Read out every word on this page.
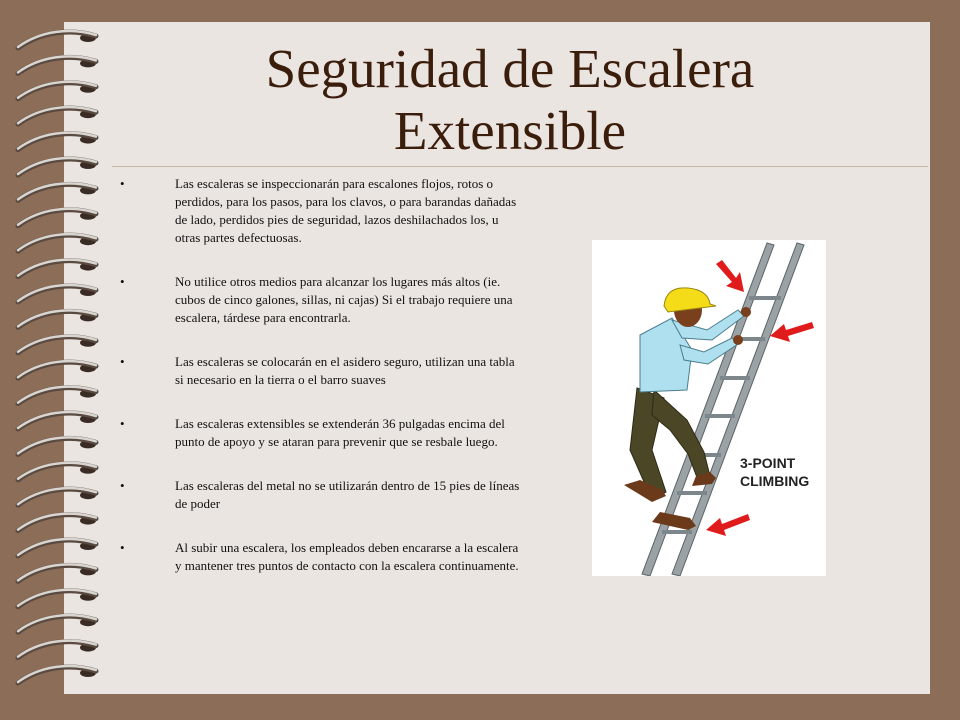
Seguridad de Escalera
Extensible
• Las escaleras se inspeccionarán para escalones flojos, rotos o perdidos, para los pasos, para los clavos, o para barandas dañadas de lado, perdidos pies de seguridad, lazos deshilachados los, u otras partes defectuosas.
• No utilice otros medios para alcanzar los lugares más altos (ie. cubos de cinco galones, sillas, ni cajas) Si el trabajo requiere una escalera, tárdese para encontrarla.
• Las escaleras se colocarán en el asidero seguro, utilizan una tabla si necesario en la tierra o el barro suaves
• Las escaleras extensibles se extenderán 36 pulgadas encima del punto de apoyo y se ataran para prevenir que se resbale luego.
• Las escaleras del metal no se utilizarán dentro de 15 pies de líneas de poder
• Al subir una escalera, los empleados deben encararse a la escalera y mantener tres puntos de contacto con la escalera continuamente.
3-POINT
CLIMBING
